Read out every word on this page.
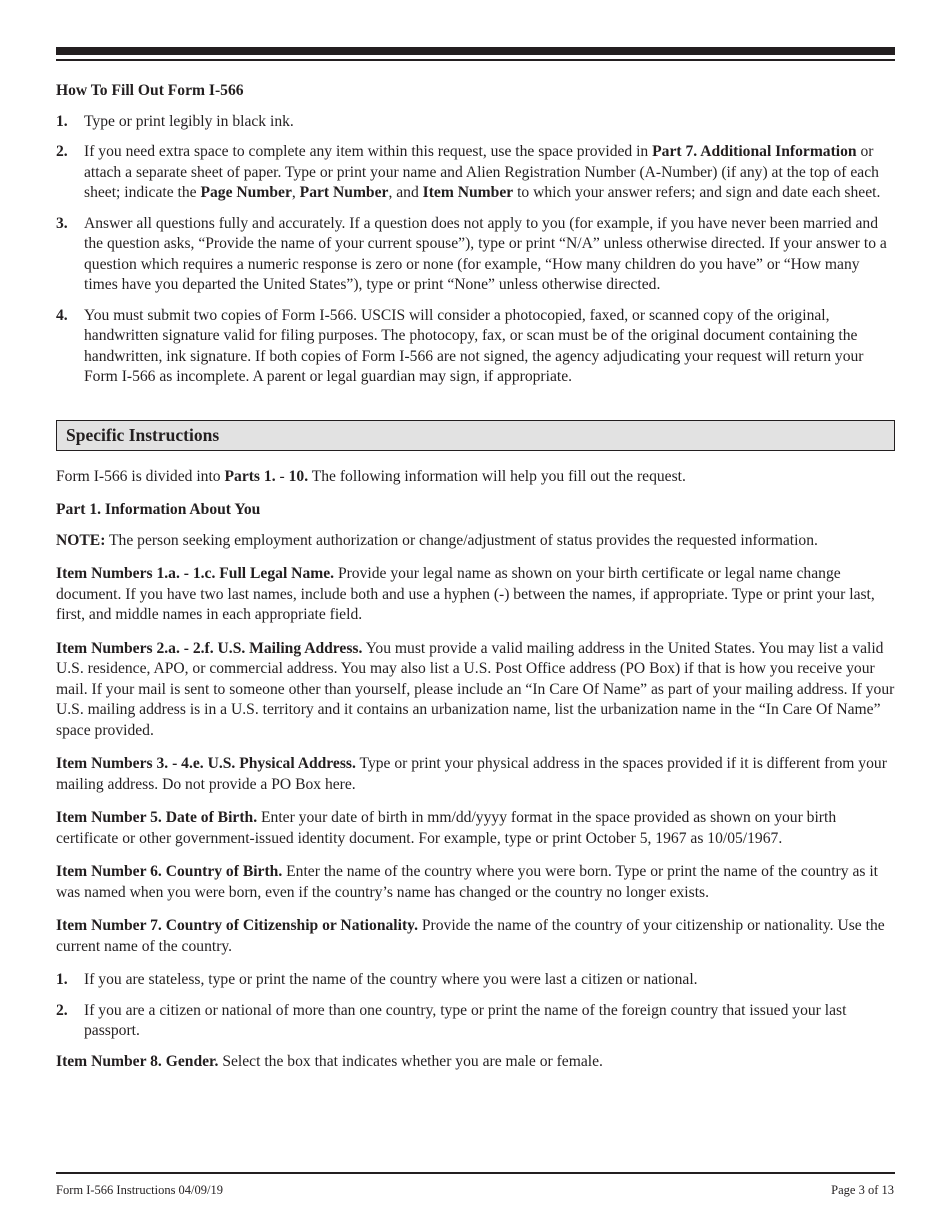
How To Fill Out Form I-566

1.	Type or print legibly in black ink.
2.	If you need extra space to complete any item within this request, use the space provided in Part 7. Additional Information or attach a separate sheet of paper. Type or print your name and Alien Registration Number (A-Number) (if any) at the top of each sheet; indicate the Page Number, Part Number, and Item Number to which your answer refers; and sign and date each sheet.
3.	Answer all questions fully and accurately. If a question does not apply to you (for example, if you have never been married and the question asks, “Provide the name of your current spouse”), type or print “N/A” unless otherwise directed. If your answer to a question which requires a numeric response is zero or none (for example, “How many children do you have” or “How many times have you departed the United States”), type or print “None” unless otherwise directed.
4.	You must submit two copies of Form I-566. USCIS will consider a photocopied, faxed, or scanned copy of the original, handwritten signature valid for filing purposes. The photocopy, fax, or scan must be of the original document containing the handwritten, ink signature. If both copies of Form I-566 are not signed, the agency adjudicating your request will return your Form I-566 as incomplete. A parent or legal guardian may sign, if appropriate.
Specific Instructions

Form I-566 is divided into Parts 1. - 10. The following information will help you fill out the request.

Part 1. Information About You

NOTE: The person seeking employment authorization or change/adjustment of status provides the requested information.

Item Numbers 1.a. - 1.c. Full Legal Name. Provide your legal name as shown on your birth certificate or legal name change document. If you have two last names, include both and use a hyphen (-) between the names, if appropriate. Type or print your last, first, and middle names in each appropriate field.

Item Numbers 2.a. - 2.f. U.S. Mailing Address. You must provide a valid mailing address in the United States. You may list a valid U.S. residence, APO, or commercial address. You may also list a U.S. Post Office address (PO Box) if that is how you receive your mail. If your mail is sent to someone other than yourself, please include an “In Care Of Name” as part of your mailing address. If your U.S. mailing address is in a U.S. territory and it contains an urbanization name, list the urbanization name in the “In Care Of Name” space provided.

Item Numbers 3. - 4.e. U.S. Physical Address. Type or print your physical address in the spaces provided if it is different from your mailing address. Do not provide a PO Box here.

Item Number 5. Date of Birth. Enter your date of birth in mm/dd/yyyy format in the space provided as shown on your birth certificate or other government-issued identity document. For example, type or print October 5, 1967 as 10/05/1967.

Item Number 6. Country of Birth. Enter the name of the country where you were born. Type or print the name of the country as it was named when you were born, even if the country’s name has changed or the country no longer exists.

Item Number 7. Country of Citizenship or Nationality. Provide the name of the country of your citizenship or nationality. Use the current name of the country.

1.	If you are stateless, type or print the name of the country where you were last a citizen or national.
2.	If you are a citizen or national of more than one country, type or print the name of the foreign country that issued your last passport.

Item Number 8. Gender. Select the box that indicates whether you are male or female.

Form I-566 Instructions 04/09/19	Page 3 of 13
